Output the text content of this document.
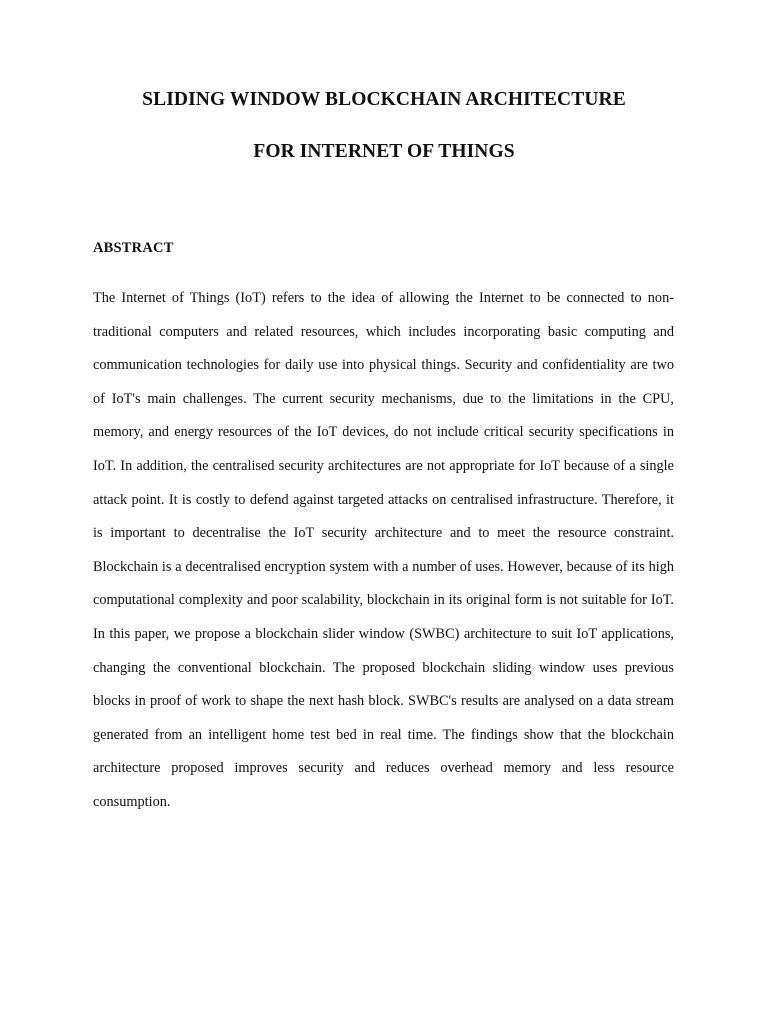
SLIDING WINDOW BLOCKCHAIN ARCHITECTURE
FOR INTERNET OF THINGS
ABSTRACT

The Internet of Things (IoT) refers to the idea of allowing the Internet to be connected to non-traditional computers and related resources, which includes incorporating basic computing and communication technologies for daily use into physical things. Security and confidentiality are two of IoT's main challenges. The current security mechanisms, due to the limitations in the CPU, memory, and energy resources of the IoT devices, do not include critical security specifications in IoT. In addition, the centralised security architectures are not appropriate for IoT because of a single attack point. It is costly to defend against targeted attacks on centralised infrastructure. Therefore, it is important to decentralise the IoT security architecture and to meet the resource constraint. Blockchain is a decentralised encryption system with a number of uses. However, because of its high computational complexity and poor scalability, blockchain in its original form is not suitable for IoT. In this paper, we propose a blockchain slider window (SWBC) architecture to suit IoT applications, changing the conventional blockchain. The proposed blockchain sliding window uses previous blocks in proof of work to shape the next hash block. SWBC's results are analysed on a data stream generated from an intelligent home test bed in real time. The findings show that the blockchain architecture proposed improves security and reduces overhead memory and less resource consumption.
